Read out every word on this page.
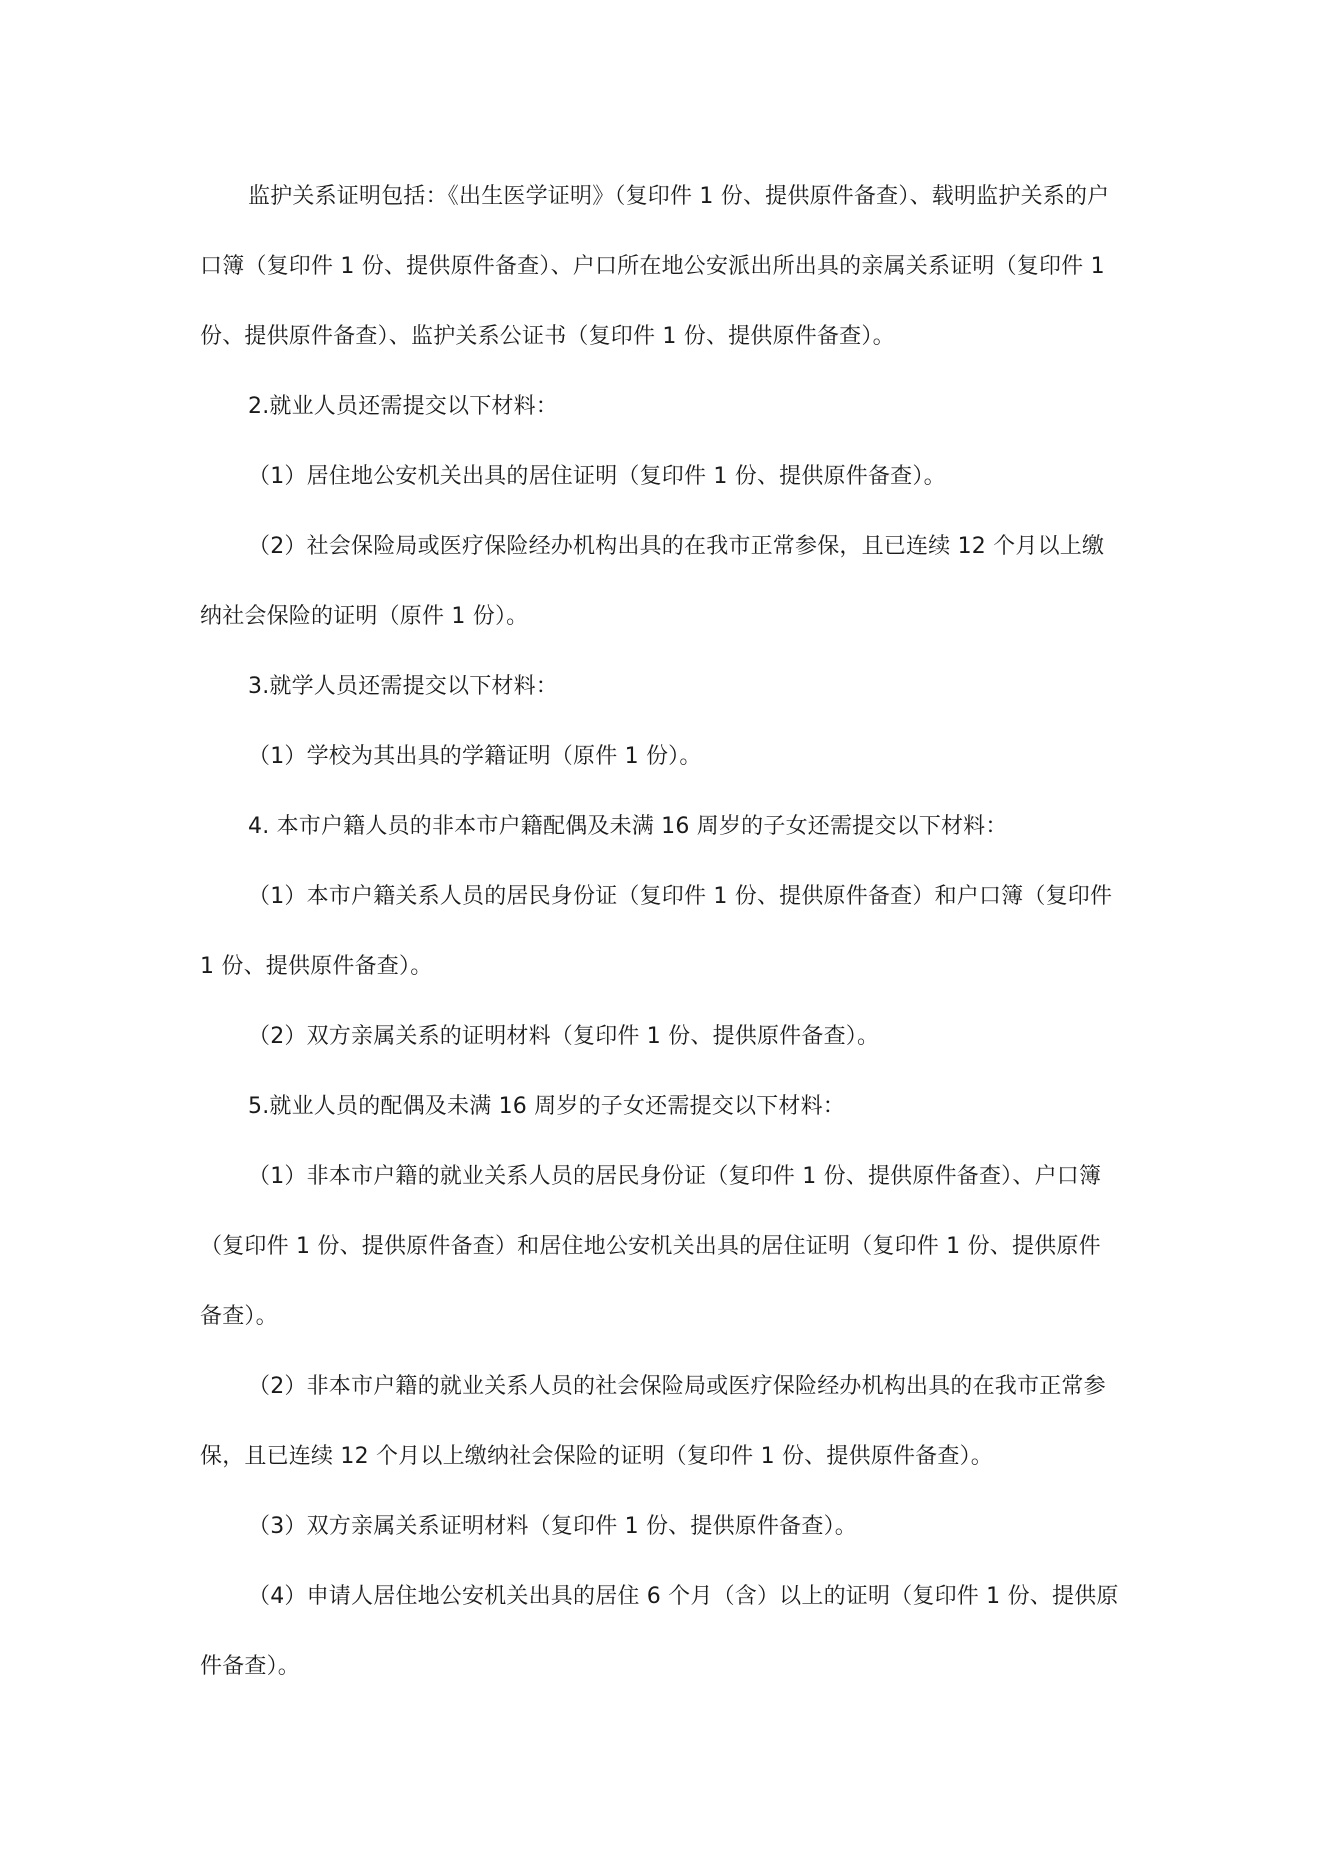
监护关系证明包括：《出生医学证明》（复印件 1 份、提供原件备查）、载明监护关系的户口簿（复印件 1 份、提供原件备查）、户口所在地公安派出所出具的亲属关系证明（复印件 1 份、提供原件备查）、监护关系公证书（复印件 1 份、提供原件备查）。

2.就业人员还需提交以下材料：

（1）居住地公安机关出具的居住证明（复印件 1 份、提供原件备查）。

（2）社会保险局或医疗保险经办机构出具的在我市正常参保，且已连续 12 个月以上缴纳社会保险的证明（原件 1 份）。

3.就学人员还需提交以下材料：

（1）学校为其出具的学籍证明（原件 1 份）。

4. 本市户籍人员的非本市户籍配偶及未满 16 周岁的子女还需提交以下材料：

（1）本市户籍关系人员的居民身份证（复印件 1 份、提供原件备查）和户口簿（复印件 1 份、提供原件备查）。

（2）双方亲属关系的证明材料（复印件 1 份、提供原件备查）。

5.就业人员的配偶及未满 16 周岁的子女还需提交以下材料：

（1）非本市户籍的就业关系人员的居民身份证（复印件 1 份、提供原件备查）、户口簿（复印件 1 份、提供原件备查）和居住地公安机关出具的居住证明（复印件 1 份、提供原件备查）。

（2）非本市户籍的就业关系人员的社会保险局或医疗保险经办机构出具的在我市正常参保，且已连续 12 个月以上缴纳社会保险的证明（复印件 1 份、提供原件备查）。

（3）双方亲属关系证明材料（复印件 1 份、提供原件备查）。

（4）申请人居住地公安机关出具的居住 6 个月（含）以上的证明（复印件 1 份、提供原件备查）。
